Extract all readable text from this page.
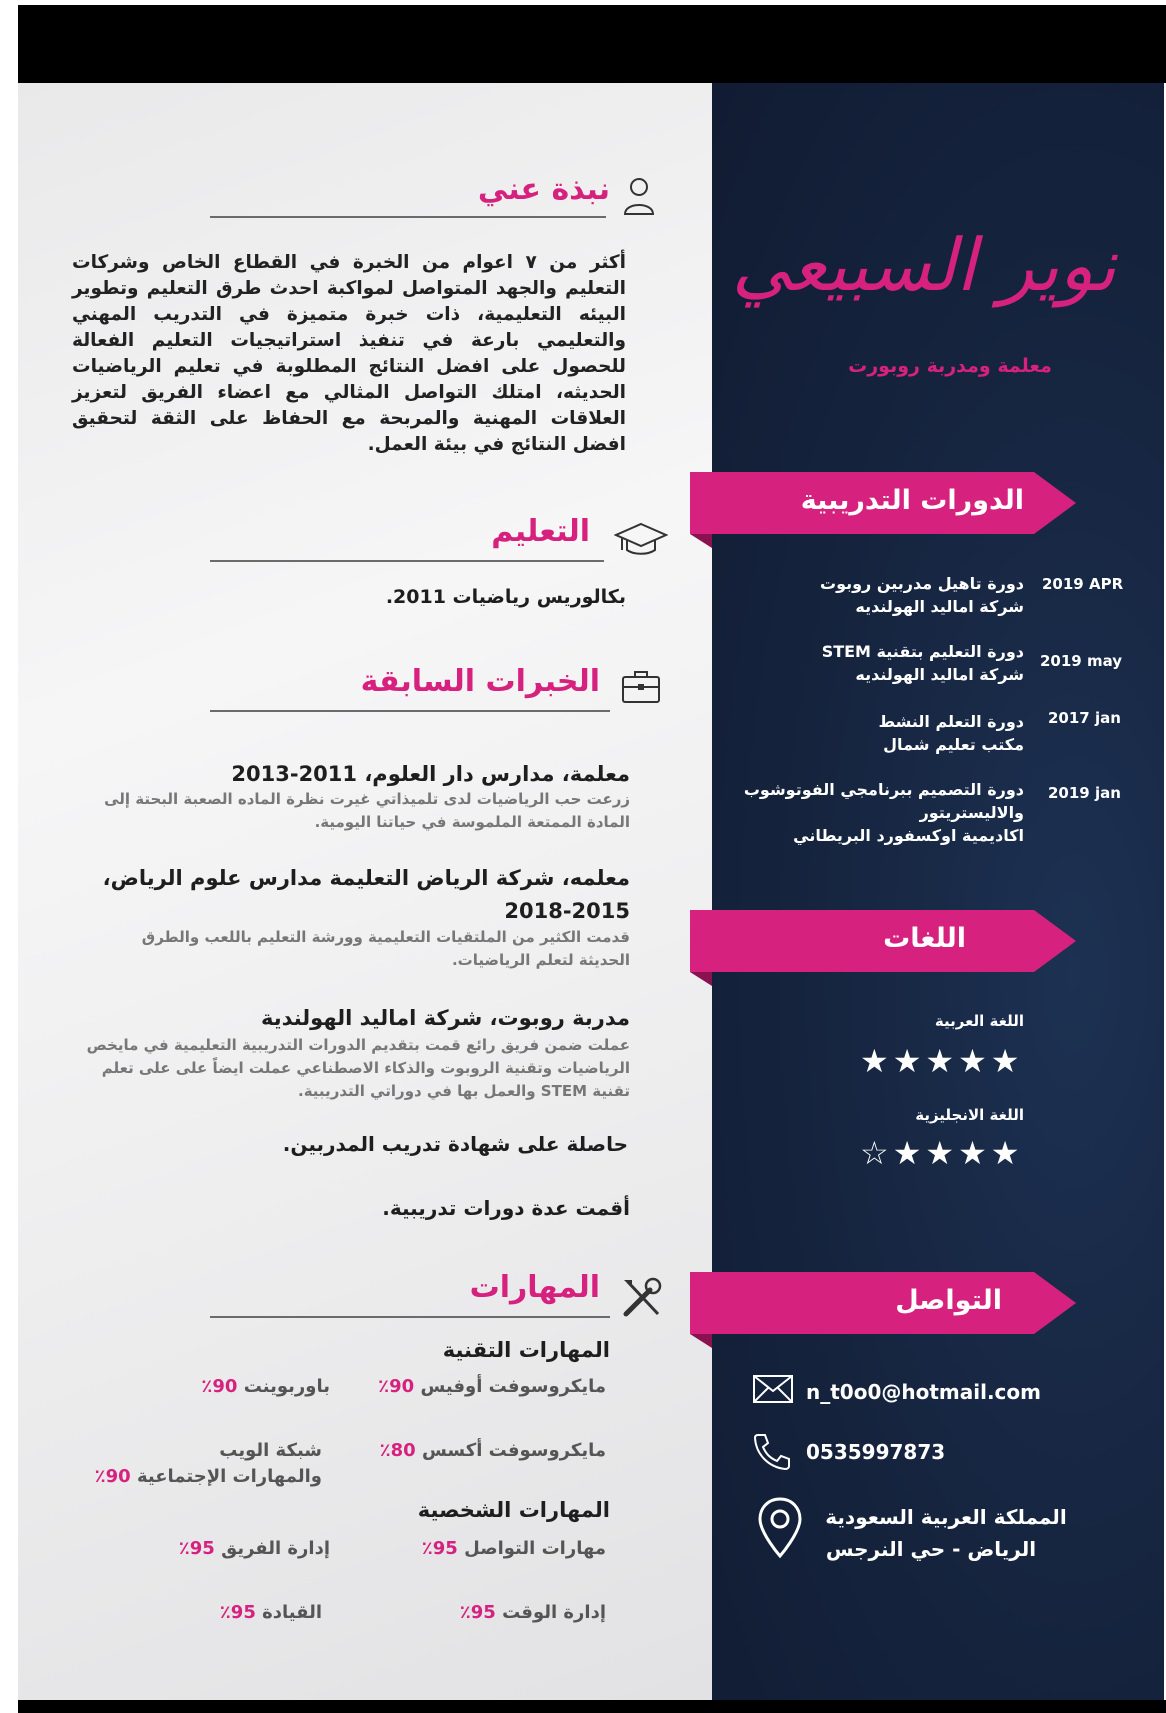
نبذة عني
أكثر من ٧ اعوام من الخبرة في القطاع الخاص وشركات التعليم والجهد المتواصل لمواكبة احدث طرق التعليم وتطوير البيئه التعليمية، ذات خبرة متميزة في التدريب المهني والتعليمي بارعة في تنفيذ استراتيجيات التعليم الفعالة للحصول على افضل النتائج المطلوبة في تعليم الرياضيات الحديثه، امتلك التواصل المثالي مع اعضاء الفريق لتعزيز العلاقات المهنية والمربحة مع الحفاظ على الثقة لتحقيق افضل النتائج في بيئة العمل.
التعليم
بكالوريس رياضيات 2011.
الخبرات السابقة
معلمة، مدارس دار العلوم، 2011-2013
زرعت حب الرياضيات لدى تلميذاتي غيرت نظرة الماده الصعبة البحتة إلى المادة الممتعة الملموسة في حياتنا اليومية.
معلمه، شركة الرياض التعليمة مدارس علوم الرياض، 2015-2018
قدمت الكثير من الملتقيات التعليمية وورشة التعليم باللعب والطرق الحديثة لتعلم الرياضيات.
مدربة روبوت، شركة امالید الهولندية
عملت ضمن فريق رائع قمت بتقديم الدورات التدريبية التعليمية في مايخص الرياضيات وتقنية الروبوت والذكاء الاصطناعي عملت ايضاً على على تعلم تقنية STEM والعمل بها في دوراتي التدريبية.
حاصلة على شهادة تدريب المدربين.
أقمت عدة دورات تدريبية.
المهارات
المهارات التقنية
مايكروسوفت أوفيس 90٪
باوربوينت 90٪
مايكروسوفت أكسس 80٪
شبكة الويب
والمهارات الإجتماعية 90٪
المهارات الشخصية
مهارات التواصل 95٪
إدارة الفريق 95٪
إدارة الوقت 95٪
القيادة 95٪
نوير السبيعي
معلمة ومدربة روبورت
الدورات التدريبية
2019 APR
دورة تاهيل مدربين روبوت
شركة امالید الهولنديه
2019 may
دورة التعليم بتقنية STEM
شركة امالید الهولنديه
2017 jan
دورة التعلم النشط
مكتب تعليم شمال
2019 jan
دورة التصميم ببرنامجي الفوتوشوب
والاليستريتور
اكاديمية اوكسفورد البريطاني
اللغات
اللغة العربية
★★★★★
اللغة الانجليزية
☆★★★★
التواصل
n_t0o0@hotmail.com
0535997873
المملكة العربية السعودية
الرياض - حي النرجس
